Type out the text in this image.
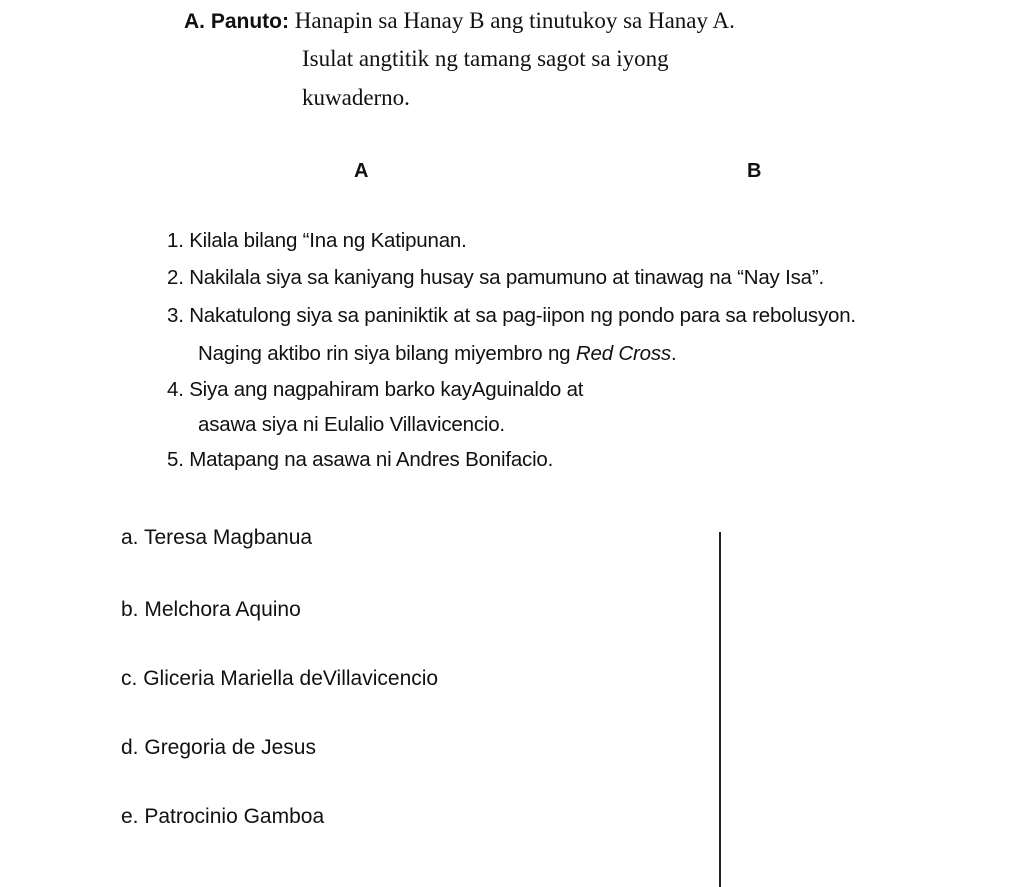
A. Panuto: Hanapin sa Hanay B ang tinutukoy sa Hanay A.
Isulat angtitik ng tamang sagot sa iyong
kuwaderno.
A	B
1. Kilala bilang “Ina ng Katipunan.
2. Nakilala siya sa kaniyang husay sa pamumuno at tinawag na “Nay Isa”.
3. Nakatulong siya sa paniniktik at sa pag-iipon ng pondo para sa rebolusyon.
Naging aktibo rin siya bilang miyembro ng Red Cross.
4. Siya ang nagpahiram barko kayAguinaldo at
asawa siya ni Eulalio Villavicencio.
5. Matapang na asawa ni Andres Bonifacio.
a. Teresa Magbanua
b. Melchora Aquino
c. Gliceria Mariella deVillavicencio
d. Gregoria de Jesus
e. Patrocinio Gamboa
